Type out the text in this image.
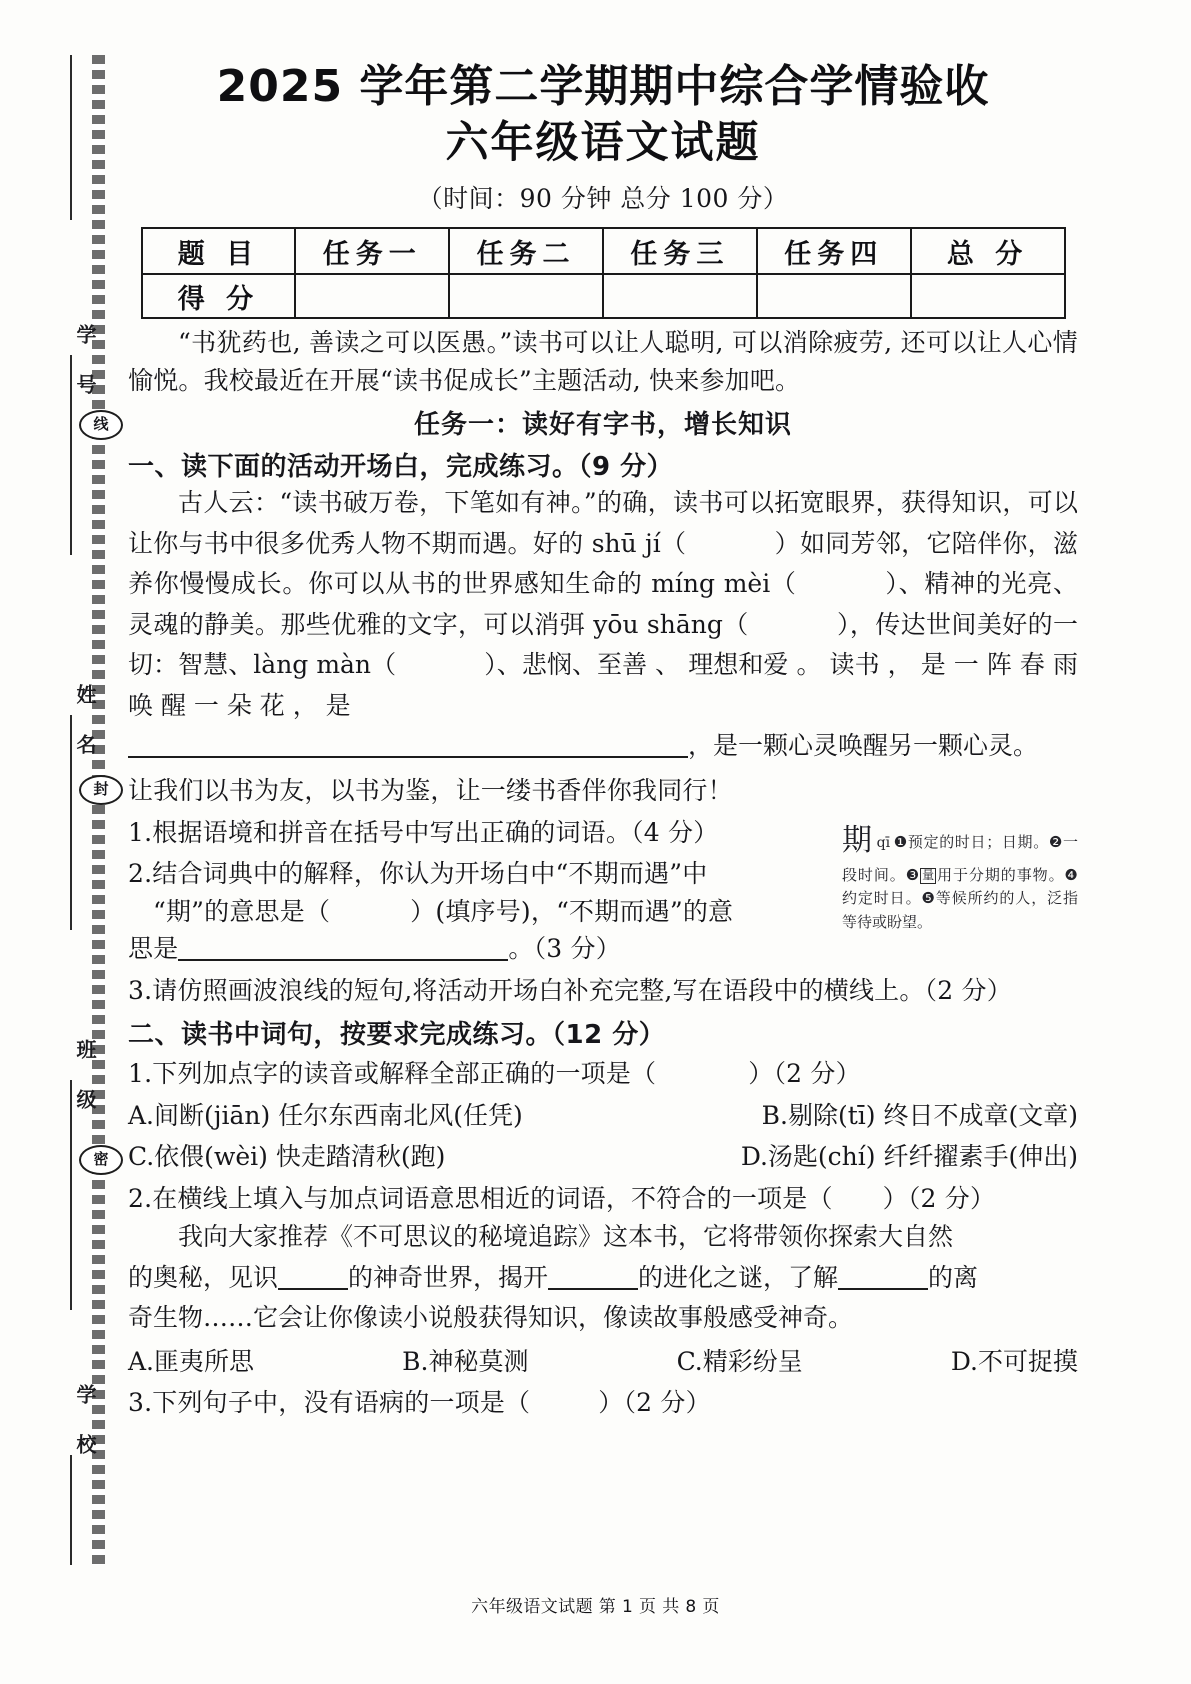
学 号
姓 名
班 级
学 校
线
封
密
2025 学年第二学期期中综合学情验收
六年级语文试题
（时间：90 分钟 总分 100 分）
题 目	任务一	任务二	任务三	任务四	总 分
得 分					
“书犹药也, 善读之可以医愚。”读书可以让人聪明, 可以消除疲劳, 还可以让人心情愉悦。我校最近在开展“读书促成长”主题活动, 快来参加吧。
任务一：读好有字书，增长知识
一、读下面的活动开场白，完成练习。（9 分）
古人云：“读书破万卷，下笔如有神。”的确，读书可以拓宽眼界，获得知识，可以让你与书中很多优秀人物不期而遇。好的 shū jí（	）如同芳邻，它陪伴你，滋养你慢慢成长。你可以从书的世界感知生命的 míng mèi（	）、精神的光亮、灵魂的静美。那些优雅的文字，可以消弭 yōu shāng（	），传达世间美好的一切：智慧、làng màn（	）、悲悯、至善 、 理想和爱 。 读书 ， 是 一 阵 春 雨 唤 醒 一 朵 花 ， 是
，是一颗心灵唤醒另一颗心灵。
让我们以书为友，以书为鉴，让一缕书香伴你我同行！
期qī ❶预定的时日；日期。❷一段时间。❸ 量 用于分期的事物。❹约定时日。❺等候所约的人，泛指等待或盼望。
1.根据语境和拼音在括号中写出正确的词语。（4 分）
2.结合词典中的解释，你认为开场白中“不期而遇”中
“期”的意思是（	）(填序号)，“不期而遇”的意
思是	。（3 分）
3.请仿照画波浪线的短句,将活动开场白补充完整,写在语段中的横线上。（2 分）
二、读书中词句，按要求完成练习。（12 分）
1.下列加点字的读音或解释全部正确的一项是（	）（2 分）
A.间断(jiān) 任尔东西南北风(任凭)	B.剔除(tī) 终日不成章(文章)
C.依偎(wèi) 快走踏清秋(跑)	D.汤匙(chí) 纤纤擢素手(伸出)
2.在横线上填入与加点词语意思相近的词语，不符合的一项是（ ）（2 分）
我向大家推荐《不可思议的秘境追踪》这本书，它将带领你探索大自然
的奥秘，见识	的神奇世界，揭开	的进化之谜，了解	的离
奇生物……它会让你像读小说般获得知识，像读故事般感受神奇。
A.匪夷所思	B.神秘莫测	C.精彩纷呈	D.不可捉摸
3.下列句子中，没有语病的一项是（	）（2 分）
六年级语文试题 第 1 页 共 8 页
